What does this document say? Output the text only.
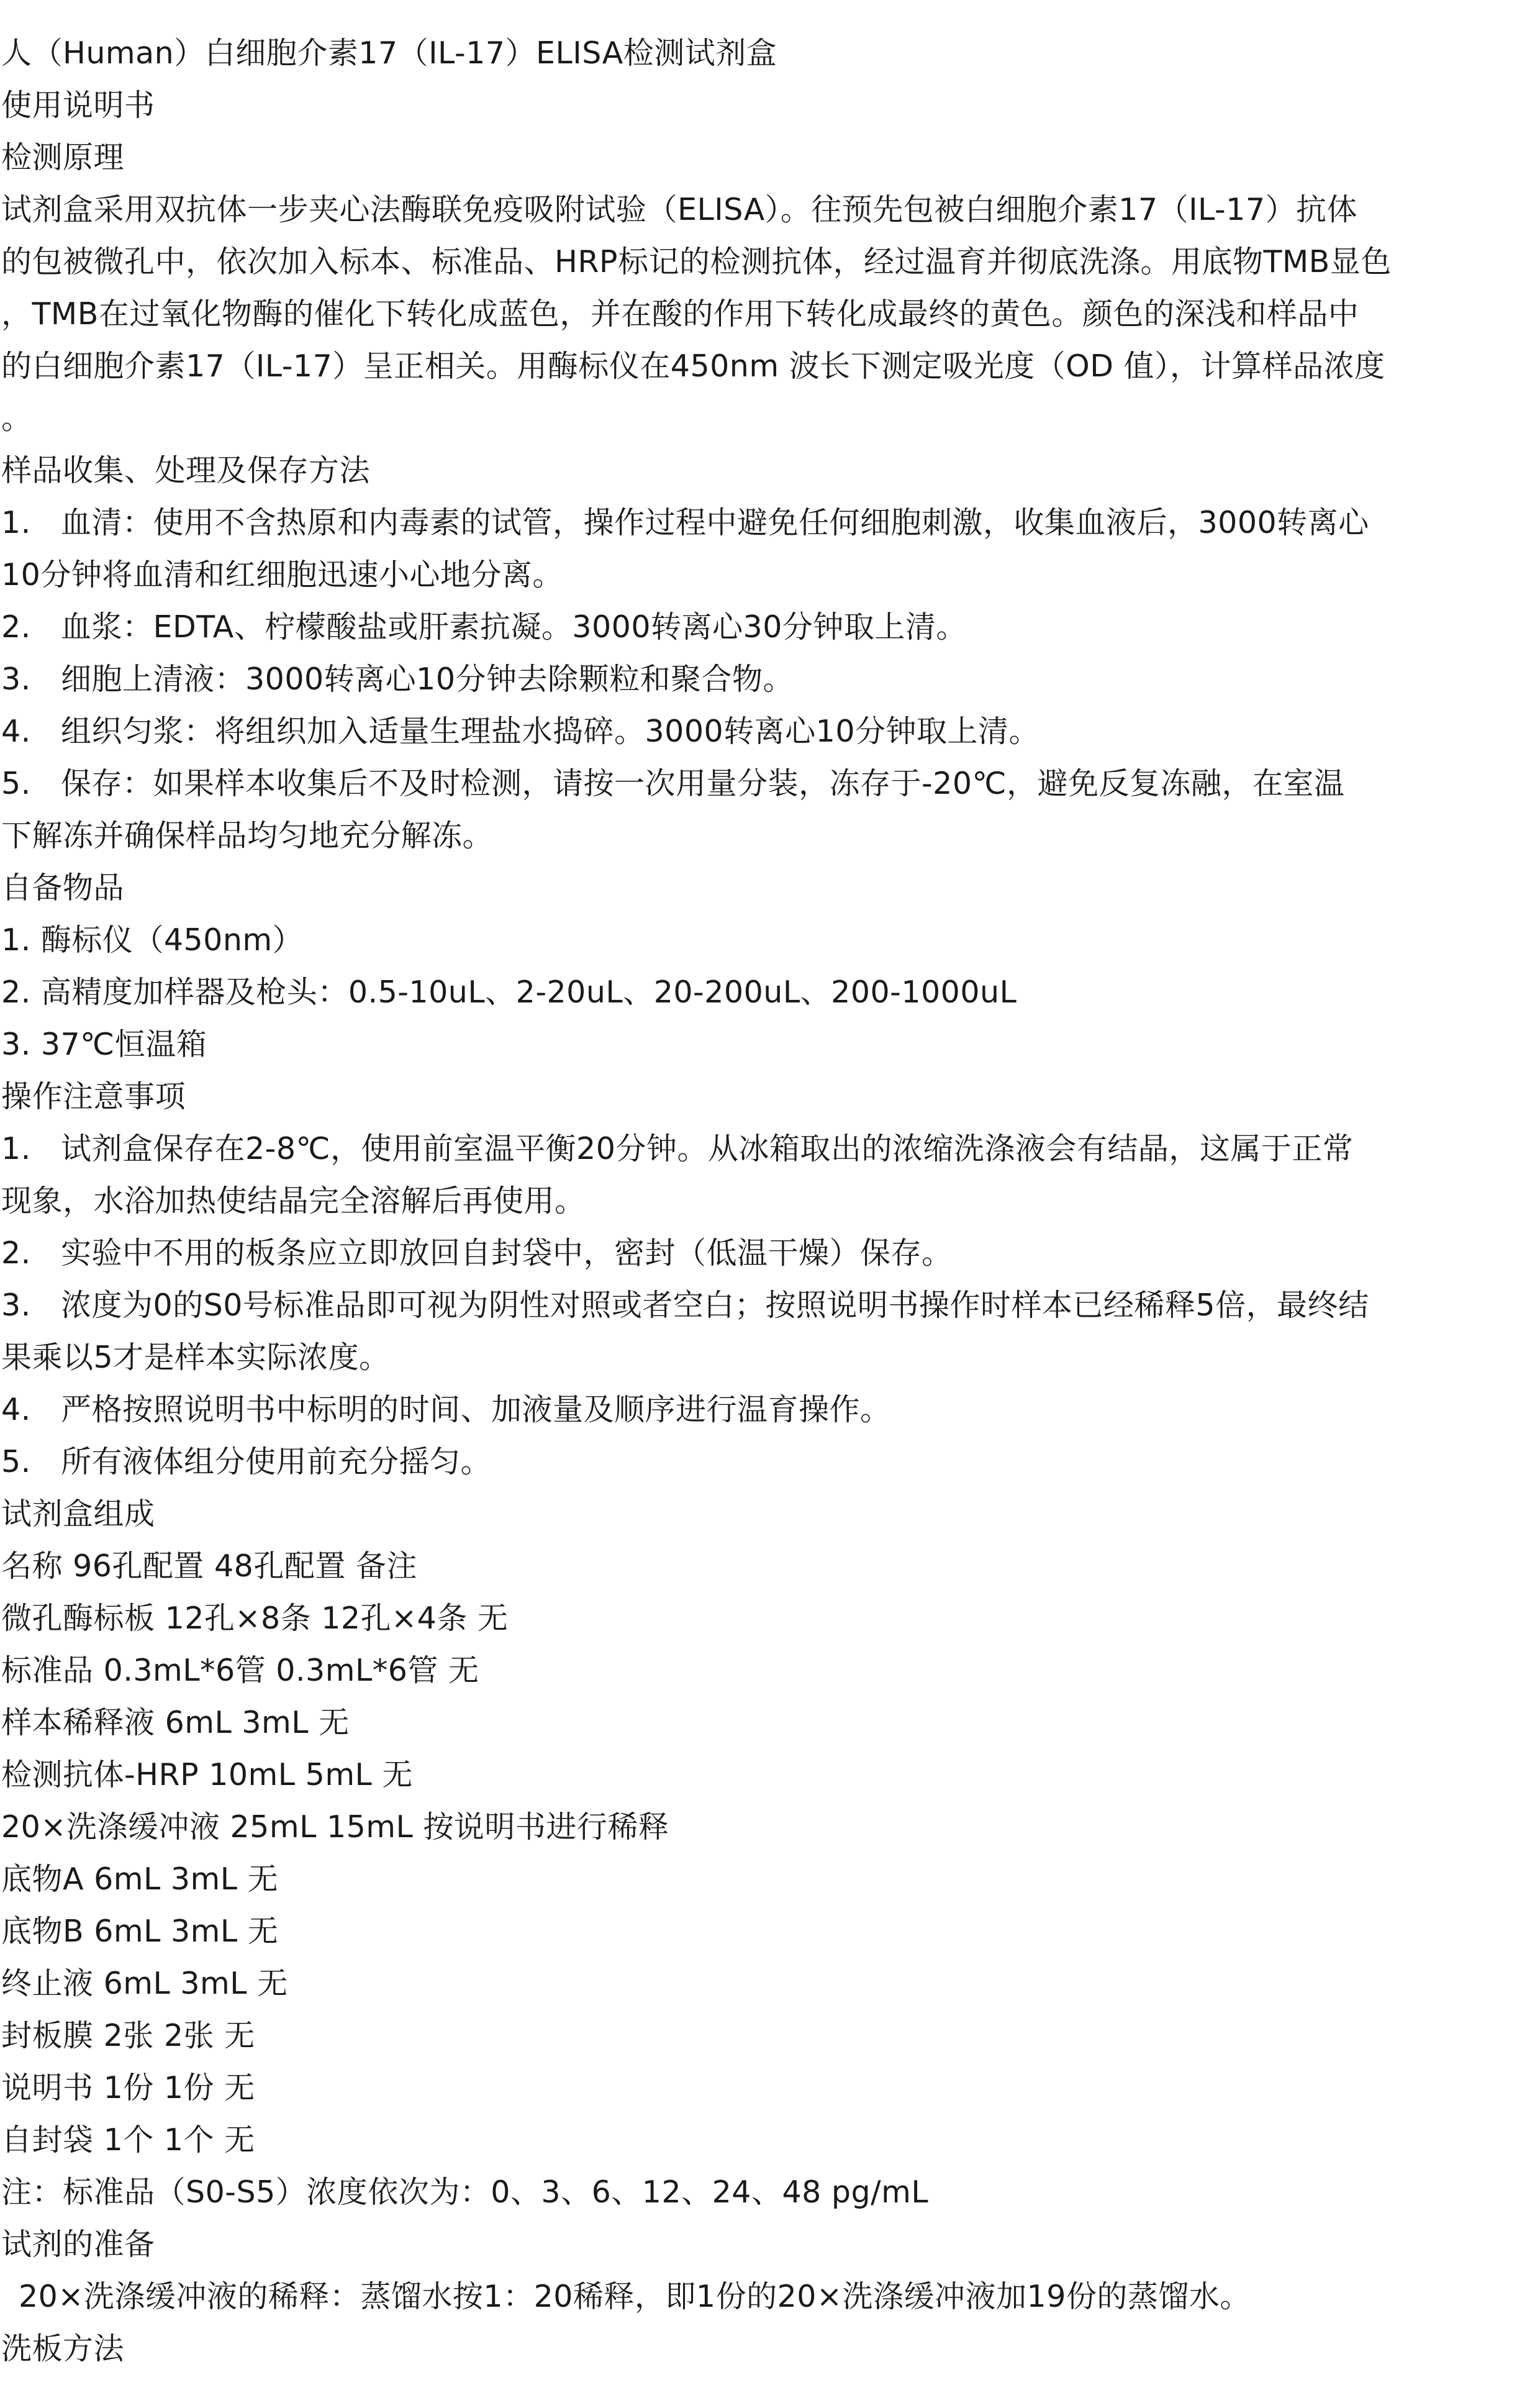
人（Human）白细胞介素17（IL-17）ELISA检测试剂盒
使用说明书
检测原理
试剂盒采用双抗体一步夹心法酶联免疫吸附试验（ELISA）。往预先包被白细胞介素17（IL-17）抗体
的包被微孔中，依次加入标本、标准品、HRP标记的检测抗体，经过温育并彻底洗涤。用底物TMB显色
，TMB在过氧化物酶的催化下转化成蓝色，并在酸的作用下转化成最终的黄色。颜色的深浅和样品中
的白细胞介素17（IL-17）呈正相关。用酶标仪在450nm 波长下测定吸光度（OD 值），计算样品浓度
。
样品收集、处理及保存方法
1.   血清：使用不含热原和内毒素的试管，操作过程中避免任何细胞刺激，收集血液后，3000转离心
10分钟将血清和红细胞迅速小心地分离。
2.   血浆：EDTA、柠檬酸盐或肝素抗凝。3000转离心30分钟取上清。
3.   细胞上清液：3000转离心10分钟去除颗粒和聚合物。
4.   组织匀浆：将组织加入适量生理盐水捣碎。3000转离心10分钟取上清。
5.   保存：如果样本收集后不及时检测，请按一次用量分装，冻存于-20℃，避免反复冻融，在室温
下解冻并确保样品均匀地充分解冻。
自备物品
1. 酶标仪（450nm）
2. 高精度加样器及枪头：0.5-10uL、2-20uL、20-200uL、200-1000uL
3. 37℃恒温箱
操作注意事项
1.   试剂盒保存在2-8℃，使用前室温平衡20分钟。从冰箱取出的浓缩洗涤液会有结晶，这属于正常
现象，水浴加热使结晶完全溶解后再使用。
2.   实验中不用的板条应立即放回自封袋中，密封（低温干燥）保存。
3.   浓度为0的S0号标准品即可视为阴性对照或者空白；按照说明书操作时样本已经稀释5倍，最终结
果乘以5才是样本实际浓度。
4.   严格按照说明书中标明的时间、加液量及顺序进行温育操作。
5.   所有液体组分使用前充分摇匀。
试剂盒组成
名称 96孔配置 48孔配置 备注
微孔酶标板 12孔×8条 12孔×4条 无
标准品 0.3mL*6管 0.3mL*6管 无
样本稀释液 6mL 3mL 无
检测抗体-HRP 10mL 5mL 无
20×洗涤缓冲液 25mL 15mL 按说明书进行稀释
底物A 6mL 3mL 无
底物B 6mL 3mL 无
终止液 6mL 3mL 无
封板膜 2张 2张 无
说明书 1份 1份 无
自封袋 1个 1个 无
注：标准品（S0-S5）浓度依次为：0、3、6、12、24、48 pg/mL
试剂的准备
20×洗涤缓冲液的稀释：蒸馏水按1：20稀释，即1份的20×洗涤缓冲液加19份的蒸馏水。
洗板方法
